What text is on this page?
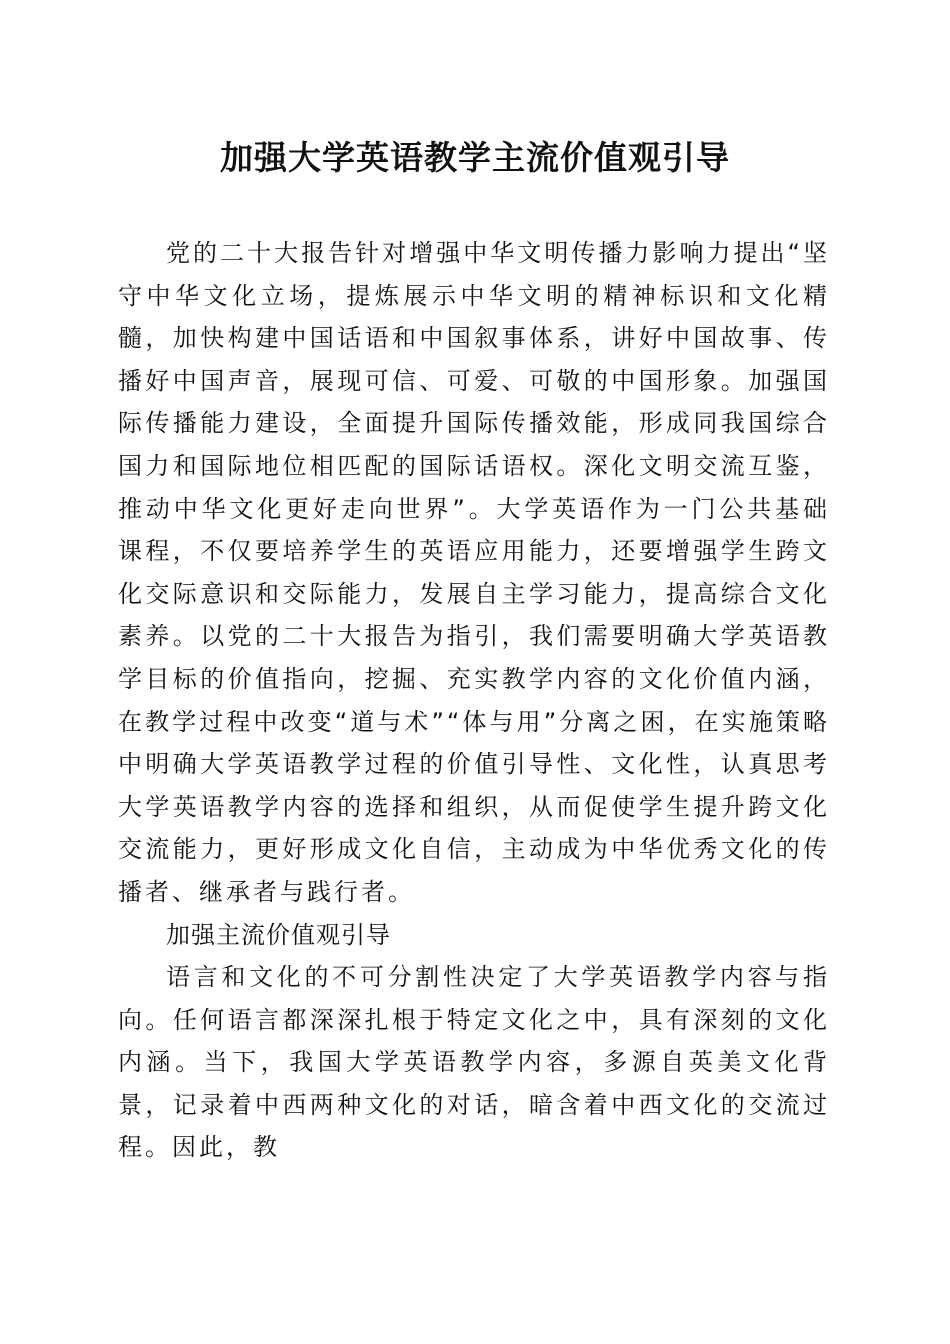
加强大学英语教学主流价值观引导

党的二十大报告针对增强中华文明传播力影响力提出“坚守中华文化立场，提炼展示中华文明的精神标识和文化精髓，加快构建中国话语和中国叙事体系，讲好中国故事、传播好中国声音，展现可信、可爱、可敬的中国形象。加强国际传播能力建设，全面提升国际传播效能，形成同我国综合国力和国际地位相匹配的国际话语权。深化文明交流互鉴，推动中华文化更好走向世界”。大学英语作为一门公共基础课程，不仅要培养学生的英语应用能力，还要增强学生跨文化交际意识和交际能力，发展自主学习能力，提高综合文化素养。以党的二十大报告为指引，我们需要明确大学英语教学目标的价值指向，挖掘、充实教学内容的文化价值内涵，在教学过程中改变“道与术”“体与用”分离之困，在实施策略中明确大学英语教学过程的价值引导性、文化性，认真思考大学英语教学内容的选择和组织，从而促使学生提升跨文化交流能力，更好形成文化自信，主动成为中华优秀文化的传播者、继承者与践行者。

加强主流价值观引导

语言和文化的不可分割性决定了大学英语教学内容与指向。任何语言都深深扎根于特定文化之中，具有深刻的文化内涵。当下，我国大学英语教学内容，多源自英美文化背景，记录着中西两种文化的对话，暗含着中西文化的交流过程。因此，教
